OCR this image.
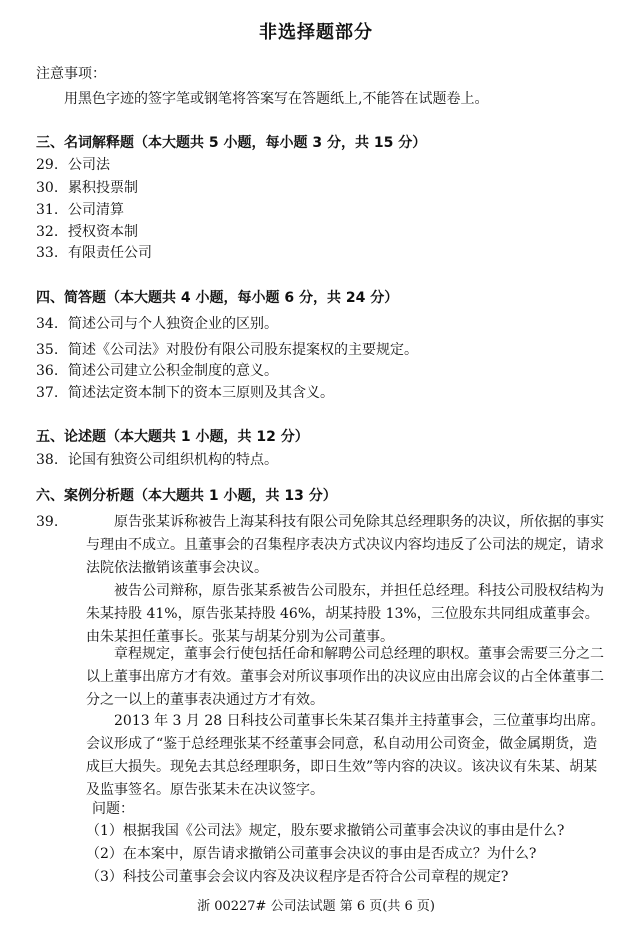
非选择题部分
注意事项：
用黑色字迹的签字笔或钢笔将答案写在答题纸上,不能答在试题卷上。
三、名词解释题（本大题共 5 小题，每小题 3 分，共 15 分）
29. 公司法
30. 累积投票制
31. 公司清算
32. 授权资本制
33. 有限责任公司
四、简答题（本大题共 4 小题，每小题 6 分，共 24 分）
34. 简述公司与个人独资企业的区别。
35. 简述《公司法》对股份有限公司股东提案权的主要规定。
36. 简述公司建立公积金制度的意义。
37. 简述法定资本制下的资本三原则及其含义。
五、论述题（本大题共 1 小题，共 12 分）
38. 论国有独资公司组织机构的特点。
六、案例分析题（本大题共 1 小题，共 13 分）
39.	原告张某诉称被告上海某科技有限公司免除其总经理职务的决议，所依据的事实与理由不成立。且董事会的召集程序表决方式决议内容均违反了公司法的规定，请求法院依法撤销该董事会决议。
被告公司辩称，原告张某系被告公司股东，并担任总经理。科技公司股权结构为朱某持股 41%，原告张某持股 46%，胡某持股 13%，三位股东共同组成董事会。由朱某担任董事长。张某与胡某分别为公司董事。
章程规定，董事会行使包括任命和解聘公司总经理的职权。董事会需要三分之二以上董事出席方才有效。董事会对所议事项作出的决议应由出席会议的占全体董事二分之一以上的董事表决通过方才有效。
2013 年 3 月 28 日科技公司董事长朱某召集并主持董事会，三位董事均出席。会议形成了“鉴于总经理张某不经董事会同意，私自动用公司资金，做金属期货，造成巨大损失。现免去其总经理职务，即日生效”等内容的决议。该决议有朱某、胡某及监事签名。原告张某未在决议签字。
问题：
（1）根据我国《公司法》规定，股东要求撤销公司董事会决议的事由是什么?
（2）在本案中，原告请求撤销公司董事会决议的事由是否成立？为什么?
（3）科技公司董事会会议内容及决议程序是否符合公司章程的规定?
浙 00227# 公司法试题 第 6 页(共 6 页)
